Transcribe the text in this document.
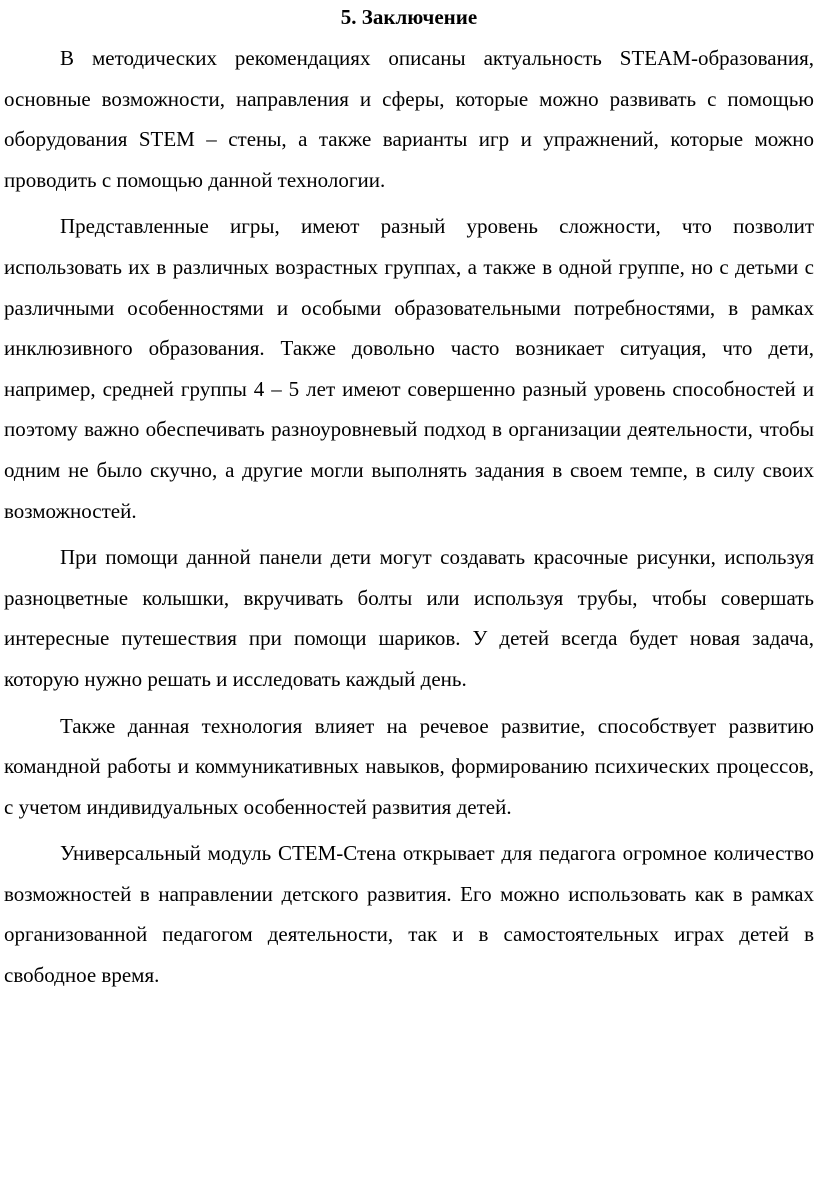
5. Заключение

В методических рекомендациях описаны актуальность STEAM-образования, основные возможности, направления и сферы, которые можно развивать с помощью оборудования STEM – стены, а также варианты игр и упражнений, которые можно проводить с помощью данной технологии.

Представленные игры, имеют разный уровень сложности, что позволит использовать их в различных возрастных группах, а также в одной группе, но с детьми с различными особенностями и особыми образовательными потребностями, в рамках инклюзивного образования. Также довольно часто возникает ситуация, что дети, например, средней группы 4 – 5 лет имеют совершенно разный уровень способностей и поэтому важно обеспечивать разноуровневый подход в организации деятельности, чтобы одним не было скучно, а другие могли выполнять задания в своем темпе, в силу своих возможностей.

При помощи данной панели дети могут создавать красочные рисунки, используя разноцветные колышки, вкручивать болты или используя трубы, чтобы совершать интересные путешествия при помощи шариков. У детей всегда будет новая задача, которую нужно решать и исследовать каждый день.

Также данная технология влияет на речевое развитие, способствует развитию командной работы и коммуникативных навыков, формированию психических процессов, с учетом индивидуальных особенностей развития детей.

Универсальный модуль СТЕМ-Стена открывает для педагога огромное количество возможностей в направлении детского развития. Его можно использовать как в рамках организованной педагогом деятельности, так и в самостоятельных играх детей в свободное время.
